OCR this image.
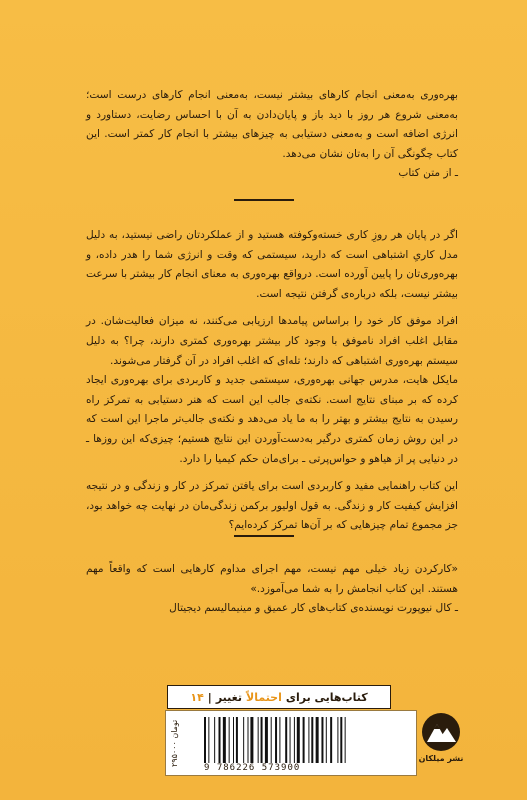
بهره‌وری به‌معنی انجام کارهای بیشتر نیست، به‌معنی انجام کارهای درست است؛ به‌معنی شروع هر روز با دید باز و پایان‌دادن به آن با احساس رضایت، دستاورد و انرژی اضافه است و به‌معنی دستیابی به چیزهای بیشتر با انجام کار کمتر است. این کتاب چگونگی آن را به‌تان نشان می‌دهد.

ـ از متن کتاب

اگر در پایان هر روزِ کاری خسته‌وکوفته هستید و از عملکردتان راضی نیستید، به دلیل مدل کاریِ اشتباهی است که دارید، سیستمی که وقت و انرژی شما را هدر داده، و بهره‌وری‌تان را پایین آورده است. درواقع بهره‌وری به معنای انجام کار بیشتر با سرعت بیشتر نیست، بلکه درباره‌ی گرفتن نتیجه است.

افراد موفق کار خود را براساس پیامدها ارزیابی می‌کنند، نه میزان فعالیت‌شان. در مقابل اغلب افراد ناموفق با وجود کار بیشتر بهره‌وری کمتری دارند، چرا؟ به دلیل سیستم بهره‌وری اشتباهی که دارند؛ تله‌ای که اغلب افراد در آن گرفتار می‌شوند.

مایکل هایت، مدرس جهانی بهره‌وری، سیستمی جدید و کاربردی برای بهره‌وری ایجاد کرده که بر مبنای نتایج است. نکته‌ی جالب این است که هنر دستیابی به تمرکز راه رسیدن به نتایج بیشتر و بهتر را به ما یاد می‌دهد و نکته‌ی جالب‌تر ماجرا این است که در این روش زمان کمتری درگیر به‌دست‌آوردن این نتایج هستیم؛ چیزی‌که این روزها ـ در دنیایی پر از هیاهو و حواس‌پرتی ـ برای‌مان حکم کیمیا را دارد.

این کتاب راهنمایی مفید و کاربردی است برای یافتن تمرکز در کار و زندگی و در نتیجه افزایش کیفیت کار و زندگی. به قول اولیور برکمن زندگی‌مان در نهایت چه خواهد بود، جز مجموع تمام چیزهایی که بر آن‌ها تمرکز کرده‌ایم؟

«کارکردن زیاد خیلی مهم نیست، مهم اجرای مداوم کارهایی است که واقعاً مهم هستند. این کتاب انجامش را به شما می‌آموزد.»

ـ کال نیوپورت نویسنده‌ی کتاب‌های کار عمیق و مینیمالیسم دیجیتال

کتاب‌هایی برای
احتمالاً
تغییر
|
۱۴
۲۹۵۰۰۰ تومان
9 786226 573900
نشر میلکان
